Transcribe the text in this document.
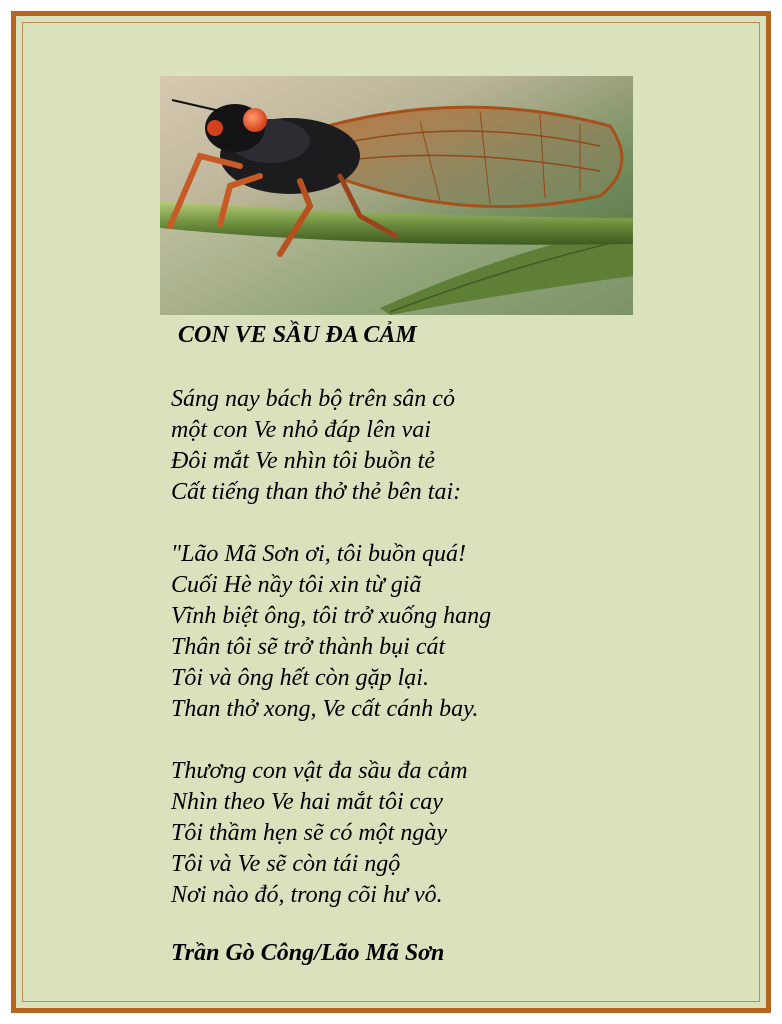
CON VE SẦU ĐA CẢM
Sáng nay bách bộ trên sân cỏ
một con Ve nhỏ đáp lên vai
Đôi mắt Ve nhìn tôi buồn tẻ
Cất tiếng than thở thẻ bên tai:
"Lão Mã Sơn ơi, tôi buồn quá!
Cuối Hè nầy tôi xin từ giã
Vĩnh biệt ông, tôi trở xuống hang
Thân tôi sẽ trở thành bụi cát
Tôi và ông hết còn gặp lại.
Than thở xong, Ve cất cánh bay.
Thương con vật đa sầu đa cảm
Nhìn theo Ve hai mắt tôi cay
Tôi thầm hẹn sẽ có một ngày
Tôi và Ve sẽ còn tái ngộ
Nơi nào đó, trong cõi hư vô.
Trần Gò Công/Lão Mã Sơn
